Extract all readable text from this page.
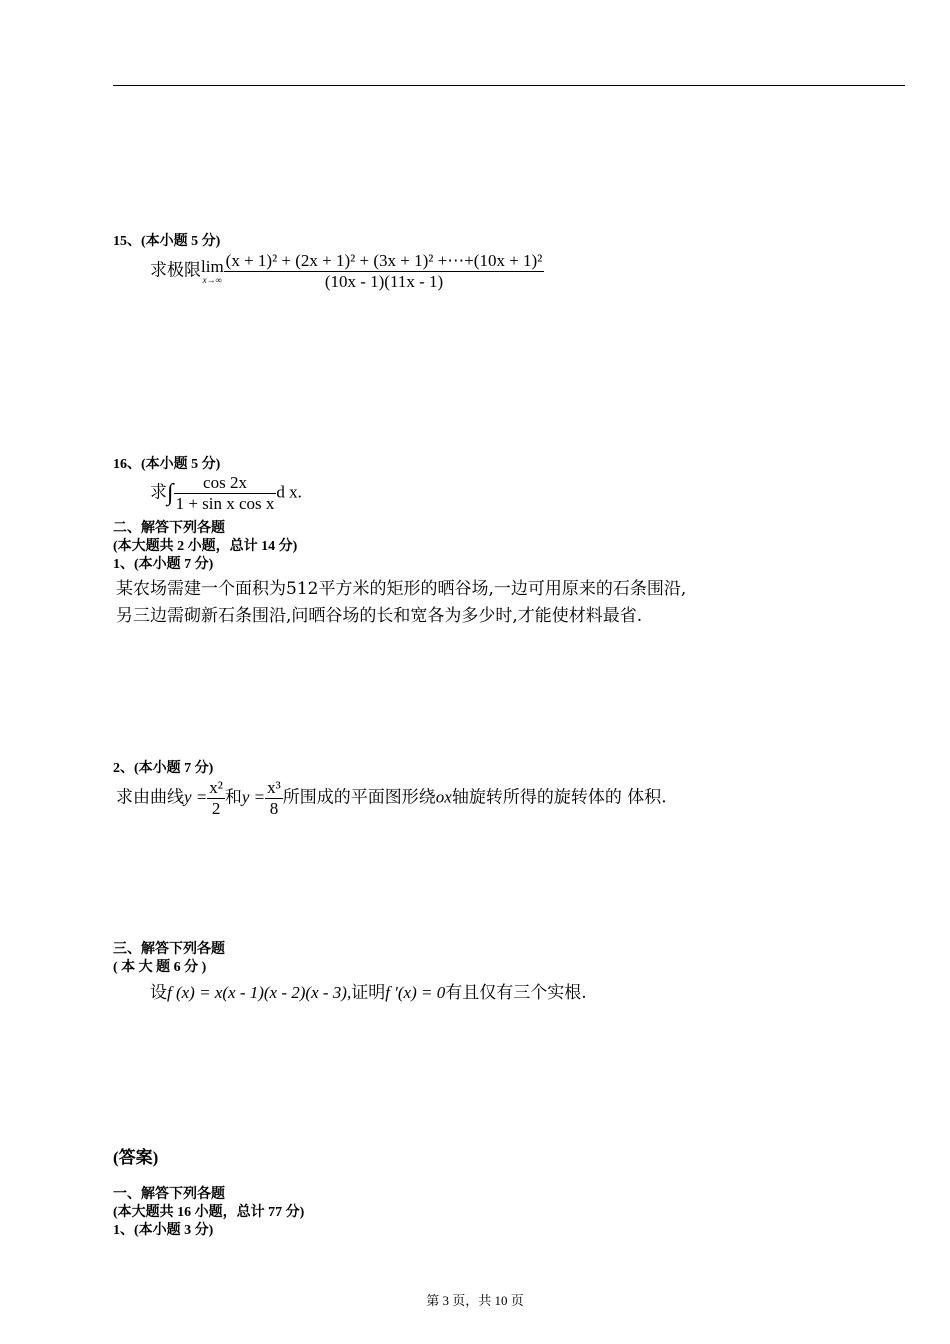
15、(本小题 5 分)
求极限lim
$x\to\infty \frac{\text{(x + 1)² + (2x + 1)² + (3x + 1)² +⋯+(10x + 1)²}}{(10x - 1)(11x - 1)}$
16、(本小题 5 分)
求∫ $\frac{\cos 2x}{\text{1 + sin x cos x}}$ d x.
二、解答下列各题
(本大题共 2 小题，总计 14 分)
1、(本小题 7 分)
某农场需建一个面积为512平方米的矩形的晒谷场,一边可用原来的石条围沿,
另三边需砌新石条围沿,问晒谷场的长和宽各为多少时,才能使材料最省.
2、(本小题 7 分)
求由曲线$y = \frac{\text{x²}}{2}$ 和$y = \frac{\text{x³}}{8}$ 所围成的平面图形绕ox轴旋转所得的旋转体的 体积.
三、解答下列各题
( 本 大 题 6 分 )
设f (x) = x(x - 1)(x - 2)(x - 3),证明f ′(x) = 0有且仅有三个实根.
(答案)
一、解答下列各题
(本大题共 16 小题，总计 77 分)
1、(本小题 3 分)
第 3 页，共 10 页
